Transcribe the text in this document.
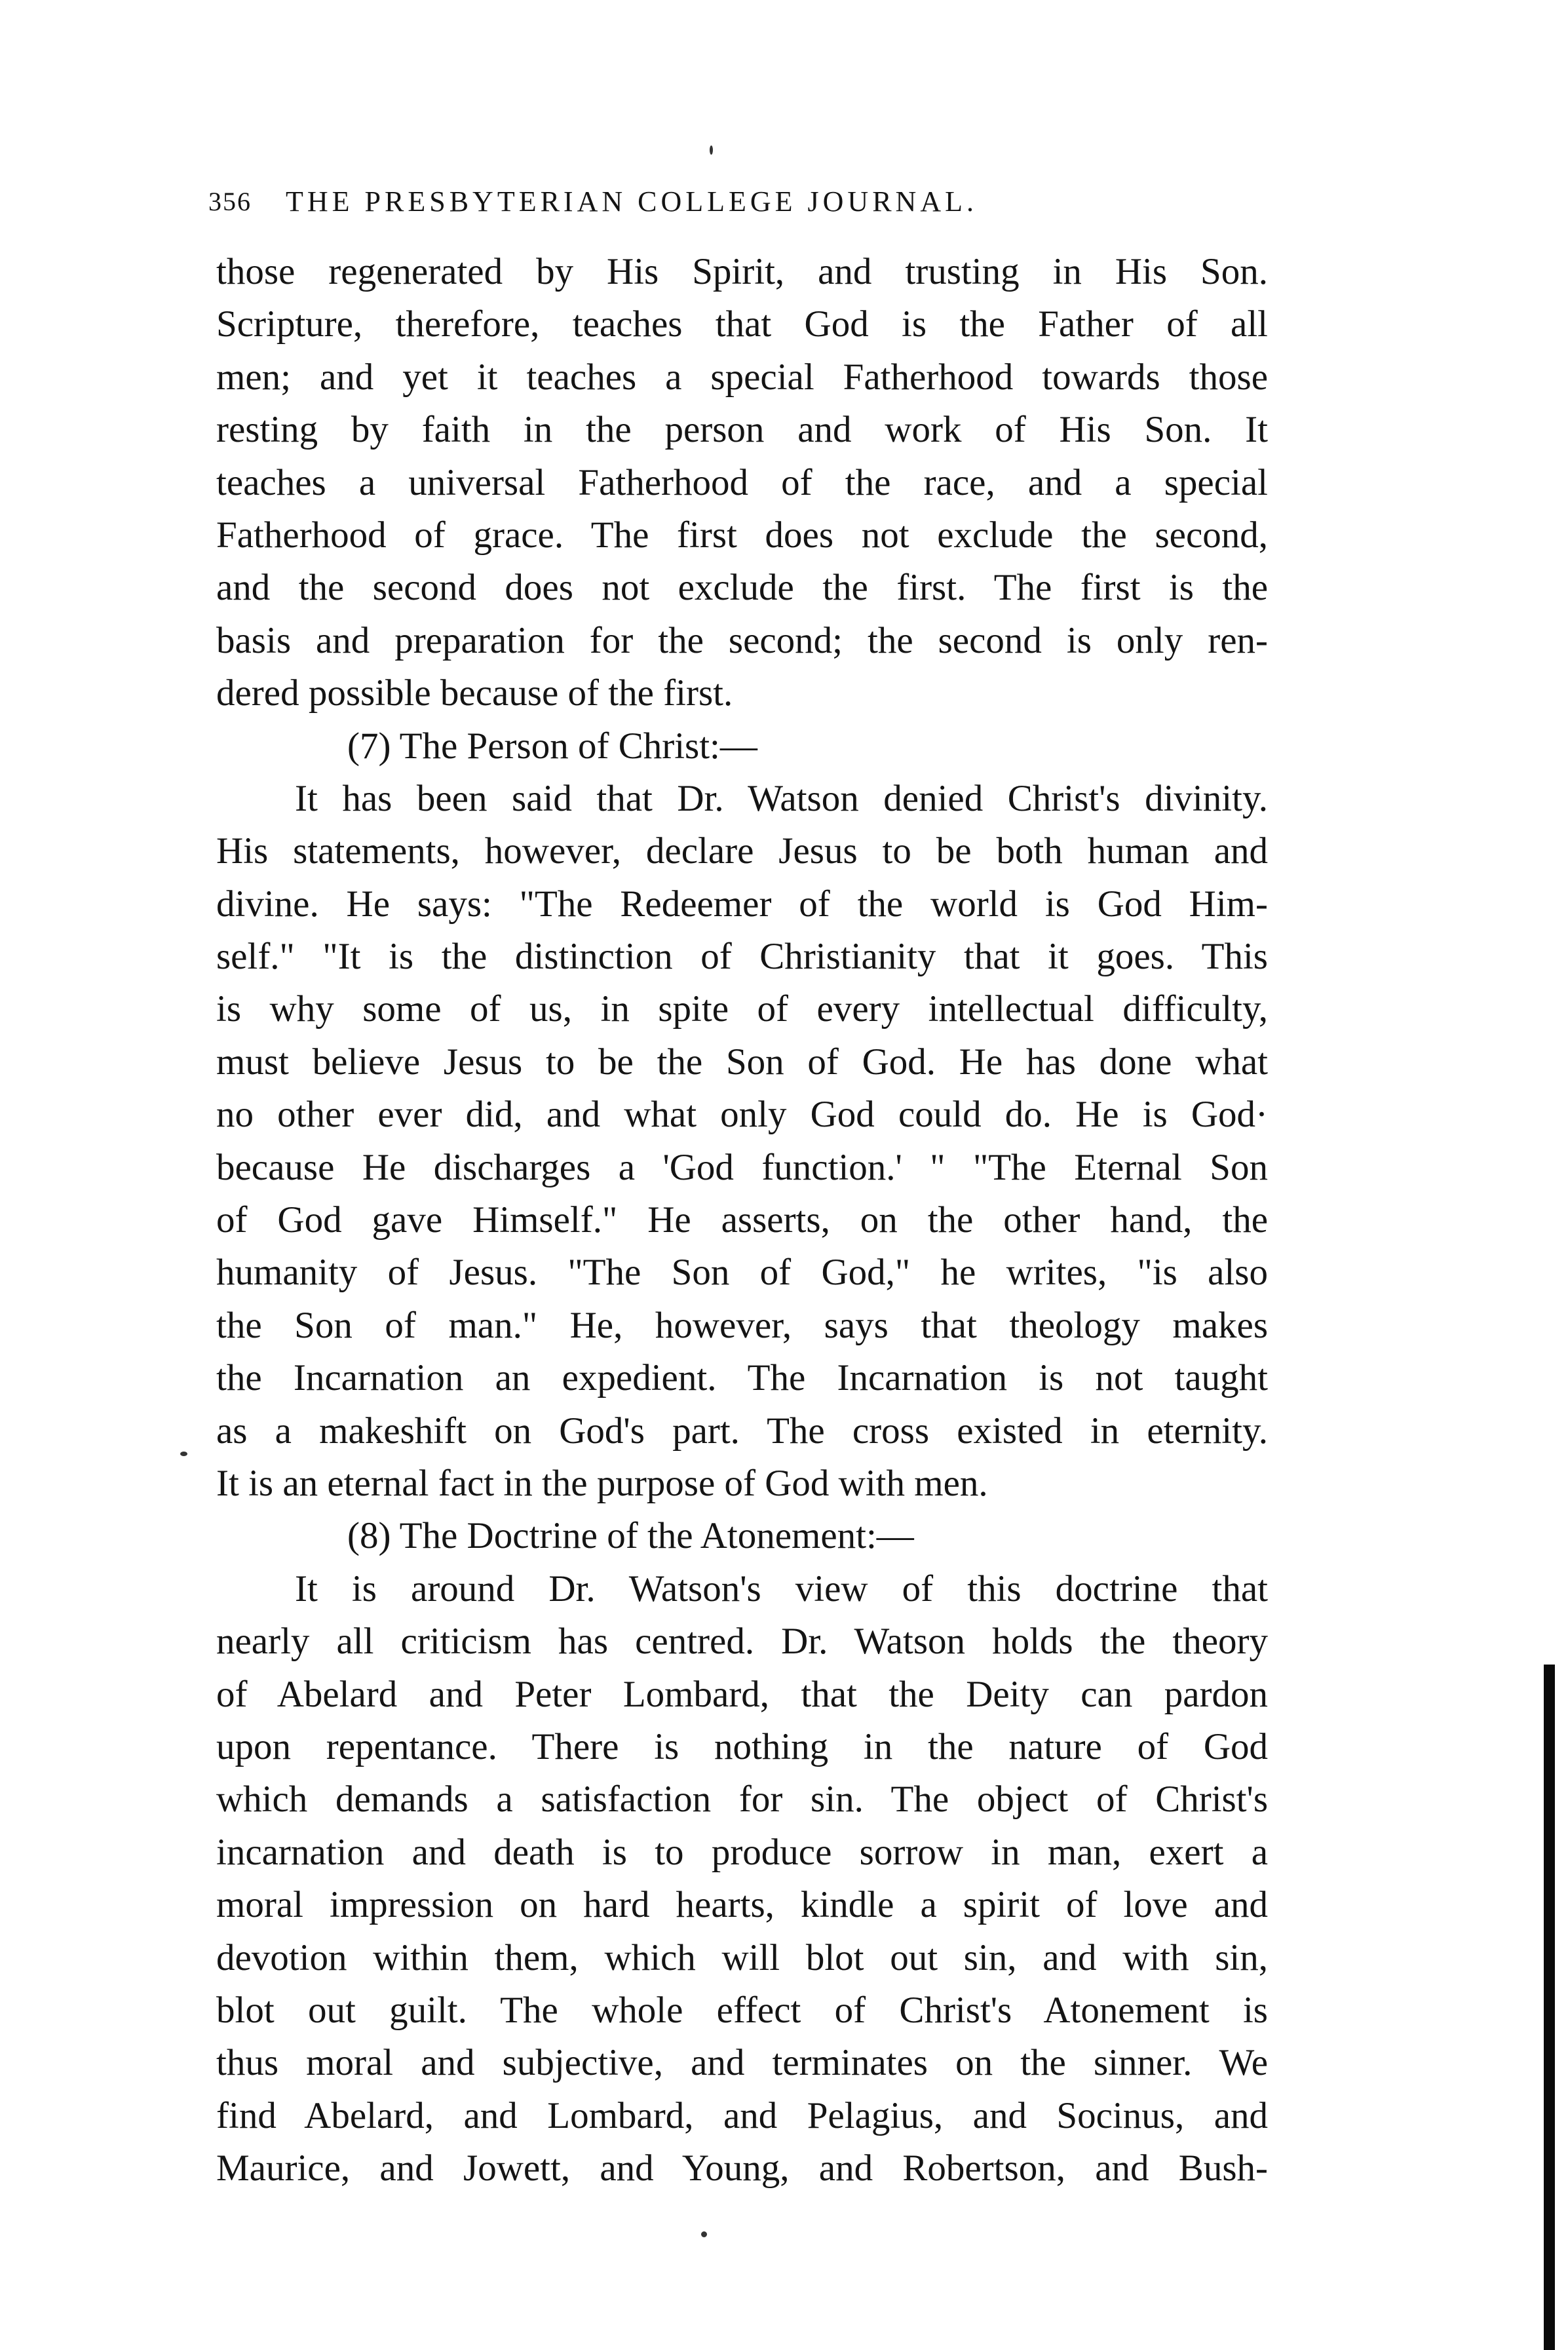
356 THE PRESBYTERIAN COLLEGE JOURNAL.
those regenerated by His Spirit, and trusting in His Son.
Scripture, therefore, teaches that God is the Father of all
men; and yet it teaches a special Fatherhood towards those
resting by faith in the person and work of His Son. It
teaches a universal Fatherhood of the race, and a special
Fatherhood of grace. The first does not exclude the second,
and the second does not exclude the first. The first is the
basis and preparation for the second; the second is only ren-
dered possible because of the first.
(7) The Person of Christ:—
It has been said that Dr. Watson denied Christ's divinity.
His statements, however, declare Jesus to be both human and
divine. He says: "The Redeemer of the world is God Him-
self." "It is the distinction of Christianity that it goes. This
is why some of us, in spite of every intellectual difficulty,
must believe Jesus to be the Son of God. He has done what
no other ever did, and what only God could do. He is God·
because He discharges a 'God function.' " "The Eternal Son
of God gave Himself." He asserts, on the other hand, the
humanity of Jesus. "The Son of God," he writes, "is also
the Son of man." He, however, says that theology makes
the Incarnation an expedient. The Incarnation is not taught
as a makeshift on God's part. The cross existed in eternity.
It is an eternal fact in the purpose of God with men.
(8) The Doctrine of the Atonement:—
It is around Dr. Watson's view of this doctrine that
nearly all criticism has centred. Dr. Watson holds the theory
of Abelard and Peter Lombard, that the Deity can pardon
upon repentance. There is nothing in the nature of God
which demands a satisfaction for sin. The object of Christ's
incarnation and death is to produce sorrow in man, exert a
moral impression on hard hearts, kindle a spirit of love and
devotion within them, which will blot out sin, and with sin,
blot out guilt. The whole effect of Christ's Atonement is
thus moral and subjective, and terminates on the sinner. We
find Abelard, and Lombard, and Pelagius, and Socinus, and
Maurice, and Jowett, and Young, and Robertson, and Bush-
